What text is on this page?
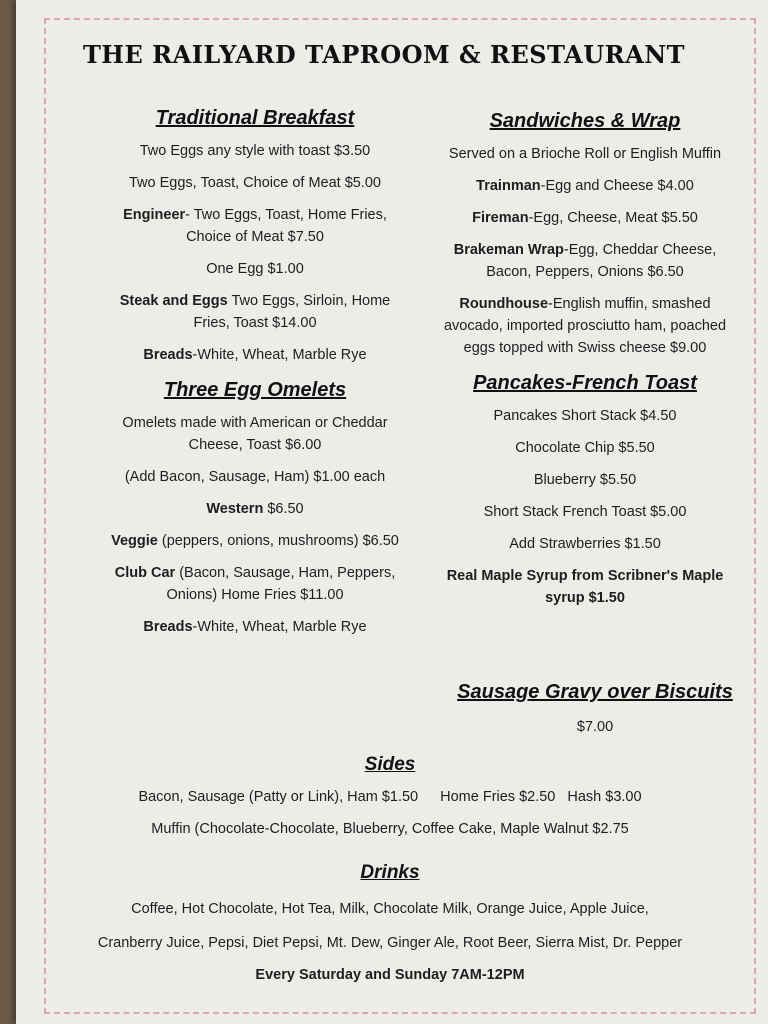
THE RAILYARD TAPROOM & RESTAURANT
Traditional Breakfast
Two Eggs any style with toast $3.50
Two Eggs, Toast, Choice of Meat $5.00
Engineer- Two Eggs, Toast, Home Fries, Choice of Meat $7.50
One Egg $1.00
Steak and Eggs Two Eggs, Sirloin, Home Fries, Toast $14.00
Breads-White, Wheat, Marble Rye
Three Egg Omelets
Omelets made with American or Cheddar Cheese, Toast $6.00
(Add Bacon, Sausage, Ham) $1.00 each
Western $6.50
Veggie (peppers, onions, mushrooms) $6.50
Club Car (Bacon, Sausage, Ham, Peppers, Onions) Home Fries $11.00
Breads-White, Wheat, Marble Rye
Sandwiches & Wrap
Served on a Brioche Roll or English Muffin
Trainman-Egg and Cheese $4.00
Fireman-Egg, Cheese, Meat $5.50
Brakeman Wrap-Egg, Cheddar Cheese, Bacon, Peppers, Onions $6.50
Roundhouse-English muffin, smashed avocado, imported prosciutto ham, poached eggs topped with Swiss cheese $9.00
Pancakes-French Toast
Pancakes Short Stack $4.50
Chocolate Chip $5.50
Blueberry $5.50
Short Stack French Toast $5.00
Add Strawberries $1.50
Real Maple Syrup from Scribner's Maple syrup $1.50
Sausage Gravy over Biscuits
$7.00
Sides
Bacon, Sausage (Patty or Link), Ham $1.50 Home Fries $2.50 Hash $3.00
Muffin (Chocolate-Chocolate, Blueberry, Coffee Cake, Maple Walnut $2.75
Drinks
Coffee, Hot Chocolate, Hot Tea, Milk, Chocolate Milk, Orange Juice, Apple Juice,
Cranberry Juice, Pepsi, Diet Pepsi, Mt. Dew, Ginger Ale, Root Beer, Sierra Mist, Dr. Pepper
Every Saturday and Sunday 7AM-12PM
